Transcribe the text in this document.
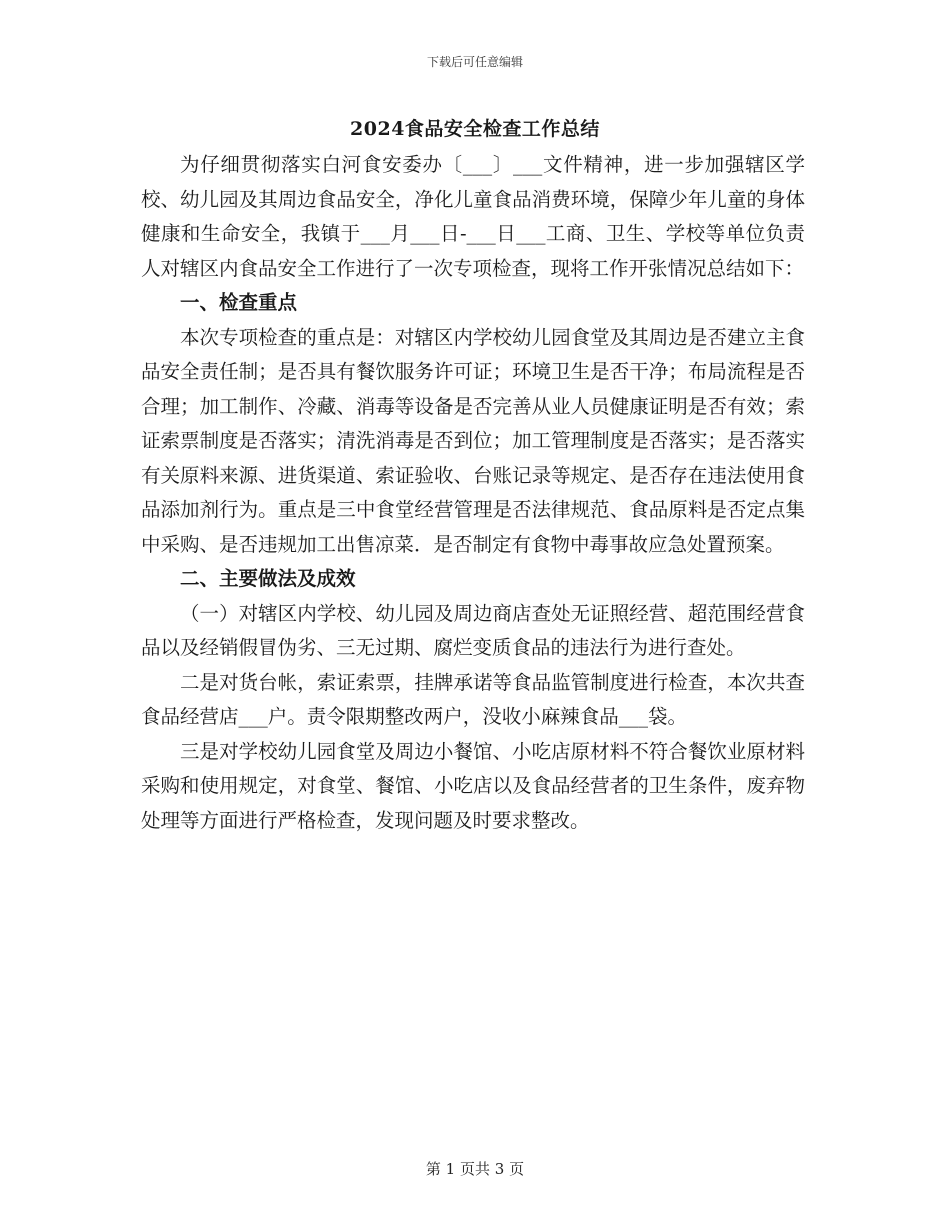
下载后可任意编辑
2024食品安全检查工作总结

为仔细贯彻落实白河食安委办〔___〕___文件精神，进一步加强辖区学校、幼儿园及其周边食品安全，净化儿童食品消费环境，保障少年儿童的身体健康和生命安全，我镇于___月___日-___日___工商、卫生、学校等单位负责人对辖区内食品安全工作进行了一次专项检查，现将工作开张情况总结如下：

一、检查重点

本次专项检查的重点是：对辖区内学校幼儿园食堂及其周边是否建立主食品安全责任制；是否具有餐饮服务许可证；环境卫生是否干净；布局流程是否合理；加工制作、冷藏、消毒等设备是否完善从业人员健康证明是否有效；索证索票制度是否落实；清洗消毒是否到位；加工管理制度是否落实；是否落实有关原料来源、进货渠道、索证验收、台账记录等规定、是否存在违法使用食品添加剂行为。重点是三中食堂经营管理是否法律规范、食品原料是否定点集中采购、是否违规加工出售凉菜．是否制定有食物中毒事故应急处置预案。

二、主要做法及成效

（一）对辖区内学校、幼儿园及周边商店查处无证照经营、超范围经营食品以及经销假冒伪劣、三无过期、腐烂变质食品的违法行为进行查处。

二是对货台帐，索证索票，挂牌承诺等食品监管制度进行检查，本次共查食品经营店___户。责令限期整改两户，没收小麻辣食品___袋。

三是对学校幼儿园食堂及周边小餐馆、小吃店原材料不符合餐饮业原材料采购和使用规定，对食堂、餐馆、小吃店以及食品经营者的卫生条件，废弃物处理等方面进行严格检查，发现问题及时要求整改。

第 1 页共 3 页
